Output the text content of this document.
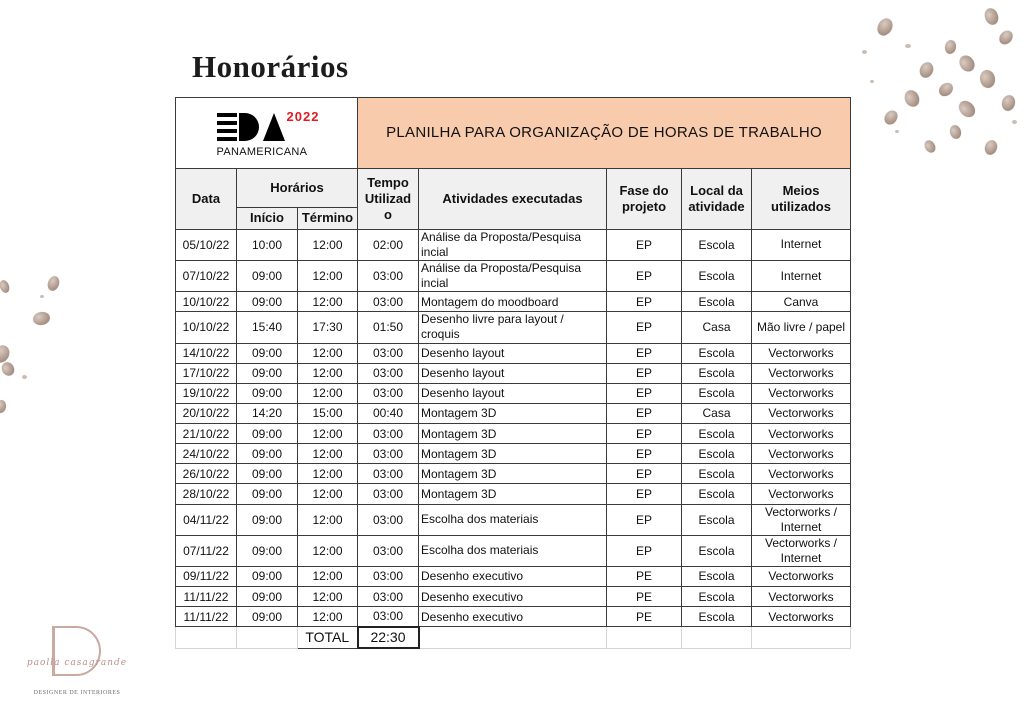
Honorários
2022
PANAMERICANA			PLANILHA PARA ORGANIZAÇÃO DE HORAS DE TRABALHO				
Data	Horários		Tempo Utilizad o	Atividades executadas	Fase do projeto	Local da atividade	Meios utilizados
	Início	Término					
05/10/22	10:00	12:00	02:00	Análise da Proposta/Pesquisa incial	EP	Escola	Internet
07/10/22	09:00	12:00	03:00	Análise da Proposta/Pesquisa incial	EP	Escola	Internet
10/10/22	09:00	12:00	03:00	Montagem do moodboard	EP	Escola	Canva
10/10/22	15:40	17:30	01:50	Desenho livre para layout / croquis	EP	Casa	Mão livre / papel
14/10/22	09:00	12:00	03:00	Desenho layout	EP	Escola	Vectorworks
17/10/22	09:00	12:00	03:00	Desenho layout	EP	Escola	Vectorworks
19/10/22	09:00	12:00	03:00	Desenho layout	EP	Escola	Vectorworks
20/10/22	14:20	15:00	00:40	Montagem 3D	EP	Casa	Vectorworks
21/10/22	09:00	12:00	03:00	Montagem 3D	EP	Escola	Vectorworks
24/10/22	09:00	12:00	03:00	Montagem 3D	EP	Escola	Vectorworks
26/10/22	09:00	12:00	03:00	Montagem 3D	EP	Escola	Vectorworks
28/10/22	09:00	12:00	03:00	Montagem 3D	EP	Escola	Vectorworks
04/11/22	09:00	12:00	03:00	Escolha dos materiais	EP	Escola	Vectorworks / Internet
07/11/22	09:00	12:00	03:00	Escolha dos materiais	EP	Escola	Vectorworks / Internet
09/11/22	09:00	12:00	03:00	Desenho executivo	PE	Escola	Vectorworks
11/11/22	09:00	12:00	03:00	Desenho executivo	PE	Escola	Vectorworks
11/11/22	09:00	12:00	03:00	Desenho executivo	PE	Escola	Vectorworks
		TOTAL	22:30				
paolla casagrande
DESIGNER DE INTERIORES
